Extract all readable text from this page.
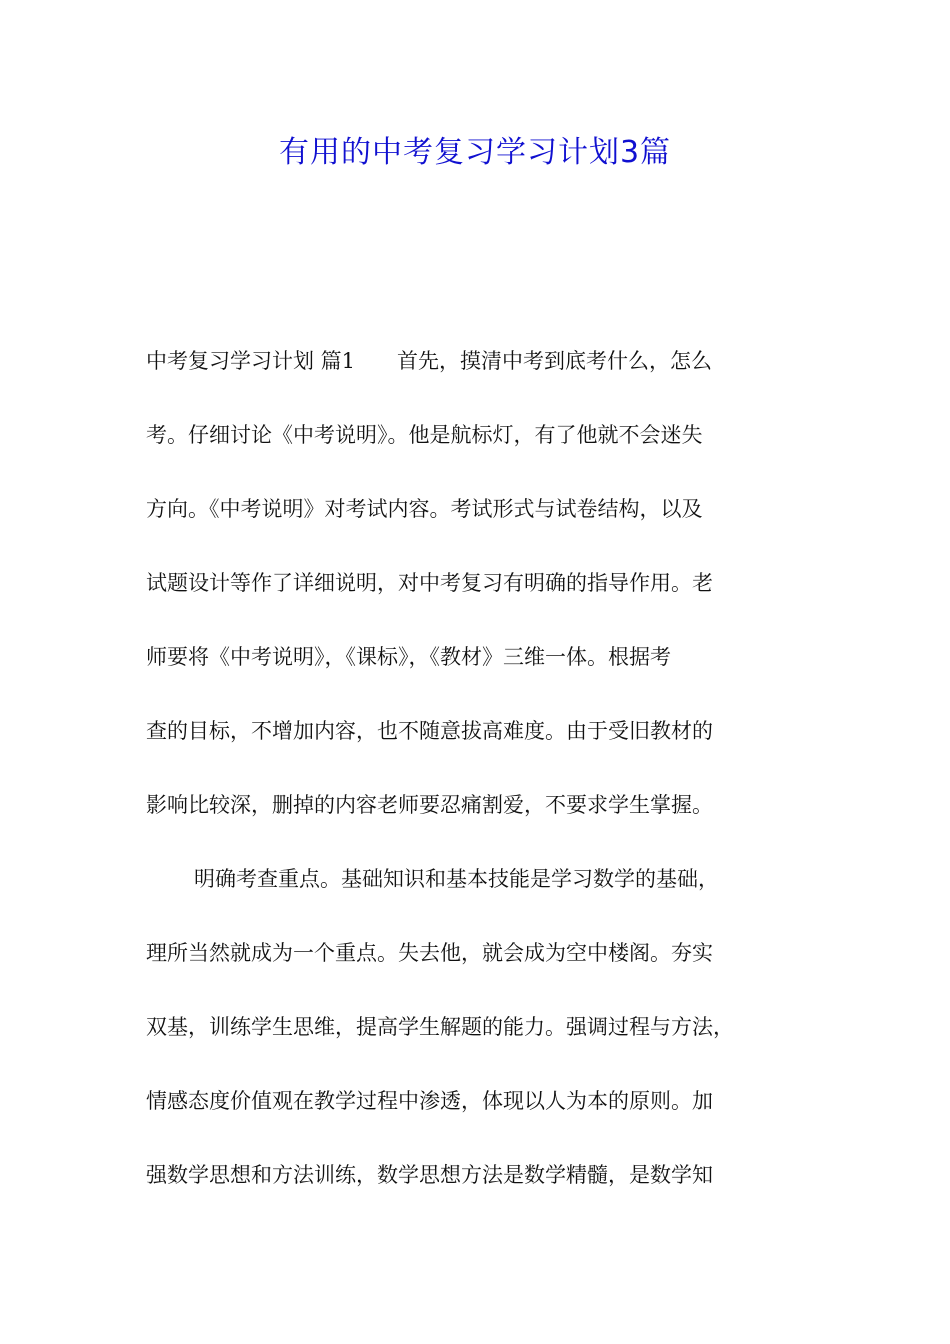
有用的中考复习学习计划3篇
中考复习学习计划 篇1　　首先，摸清中考到底考什么，怎么
考。仔细讨论《中考说明》。他是航标灯，有了他就不会迷失
方向。《中考说明》对考试内容。考试形式与试卷结构，以及
试题设计等作了详细说明，对中考复习有明确的指导作用。老
师要将《中考说明》，《课标》，《教材》三维一体。根据考
查的目标，不增加内容，也不随意拔高难度。由于受旧教材的
影响比较深，删掉的内容老师要忍痛割爱，不要求学生掌握。
明确考查重点。基础知识和基本技能是学习数学的基础，
理所当然就成为一个重点。失去他，就会成为空中楼阁。夯实
双基，训练学生思维，提高学生解题的能力。强调过程与方法，
情感态度价值观在教学过程中渗透，体现以人为本的原则。加
强数学思想和方法训练，数学思想方法是数学精髓，是数学知
